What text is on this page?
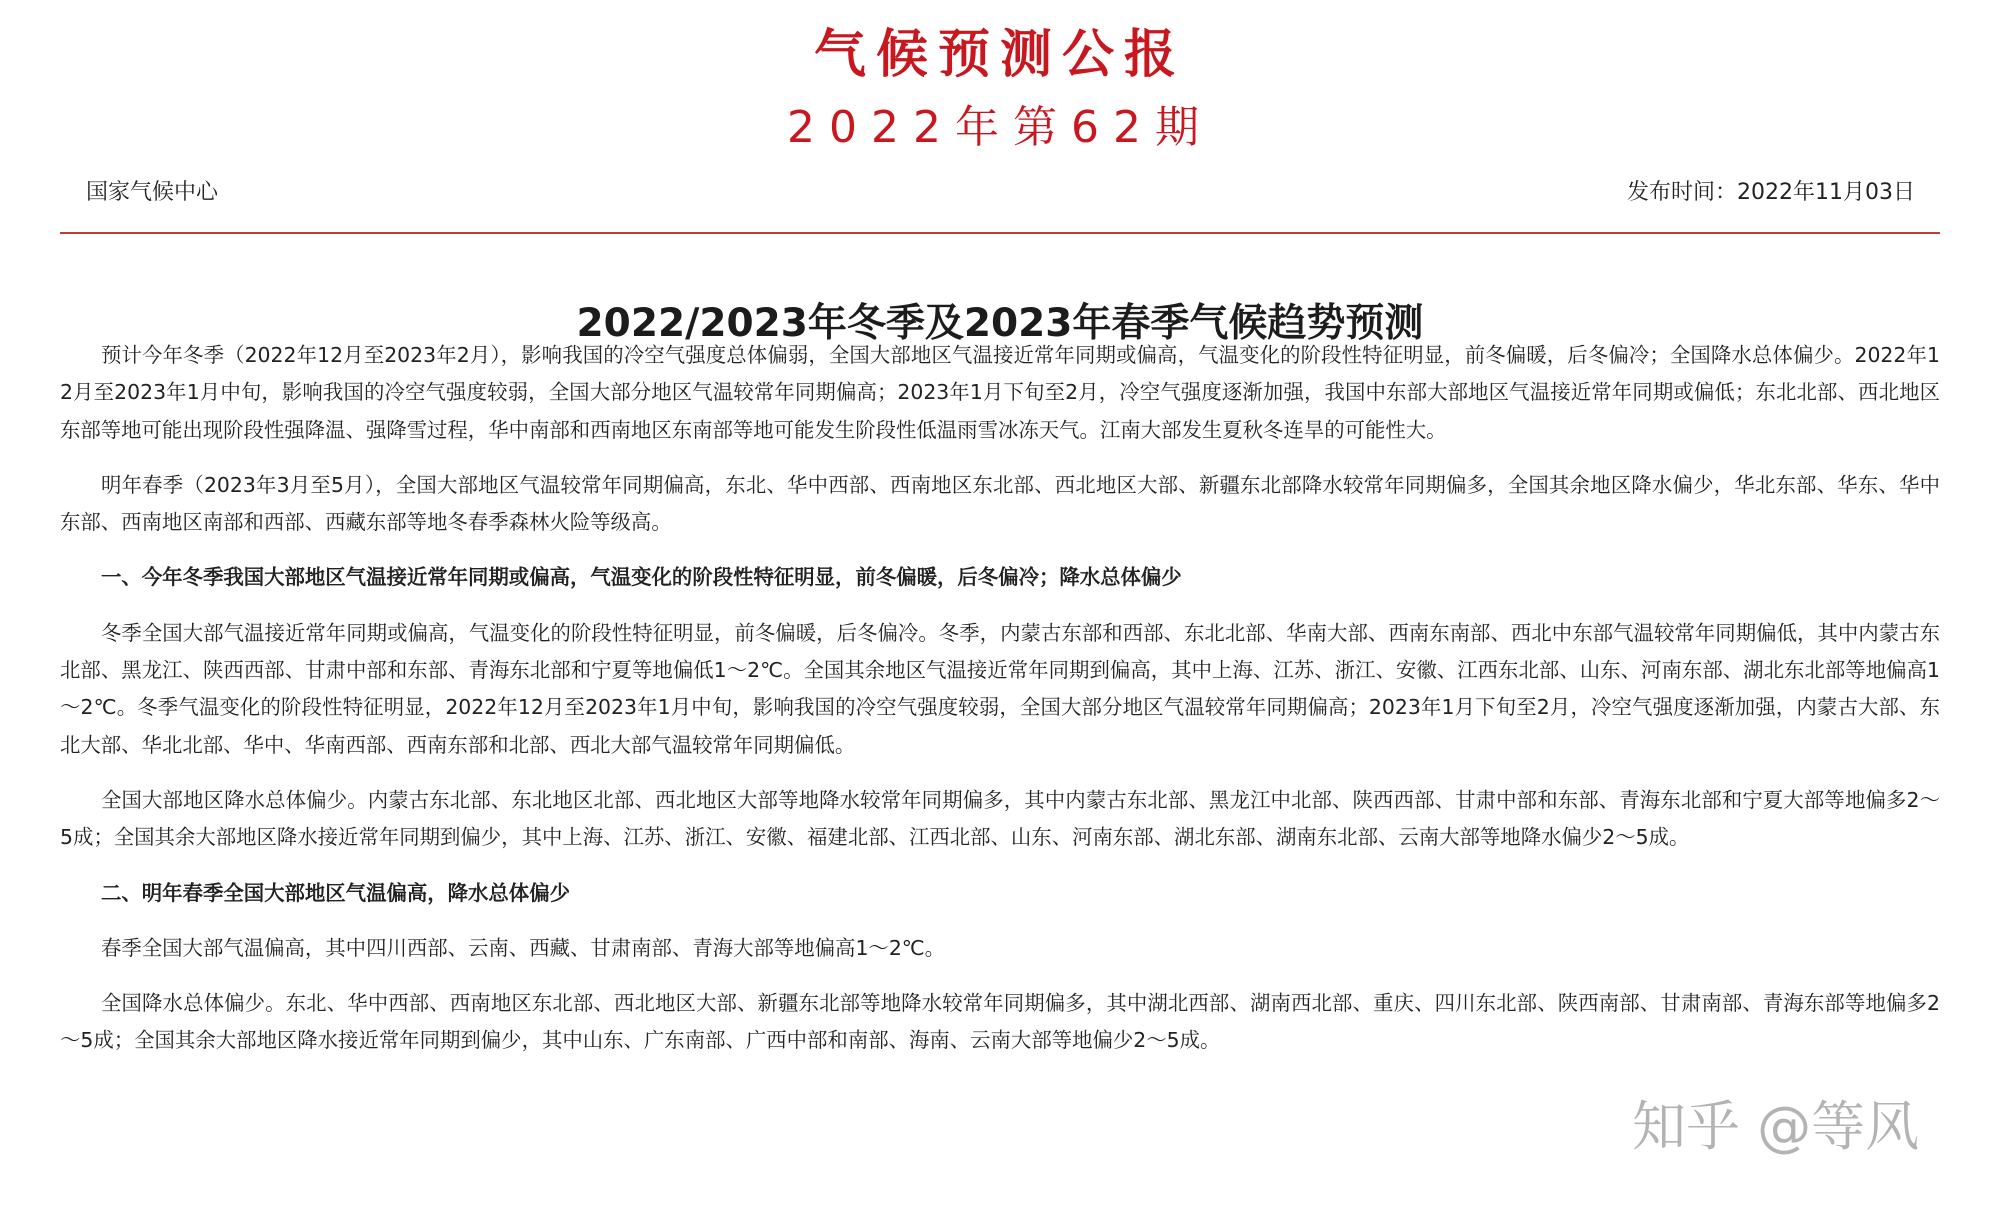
气候预测公报
2022年第62期
国家气候中心	发布时间：2022年11月03日
2022/2023年冬季及2023年春季气候趋势预测

预计今年冬季（2022年12月至2023年2月），影响我国的冷空气强度总体偏弱，全国大部地区气温接近常年同期或偏高，气温变化的阶段性特征明显，前冬偏暖，后冬偏冷；全国降水总体偏少。2022年12月至2023年1月中旬，影响我国的冷空气强度较弱，全国大部分地区气温较常年同期偏高；2023年1月下旬至2月，冷空气强度逐渐加强，我国中东部大部地区气温接近常年同期或偏低；东北北部、西北地区东部等地可能出现阶段性强降温、强降雪过程，华中南部和西南地区东南部等地可能发生阶段性低温雨雪冰冻天气。江南大部发生夏秋冬连旱的可能性大。

明年春季（2023年3月至5月），全国大部地区气温较常年同期偏高，东北、华中西部、西南地区东北部、西北地区大部、新疆东北部降水较常年同期偏多，全国其余地区降水偏少，华北东部、华东、华中东部、西南地区南部和西部、西藏东部等地冬春季森林火险等级高。

一、今年冬季我国大部地区气温接近常年同期或偏高，气温变化的阶段性特征明显，前冬偏暖，后冬偏冷；降水总体偏少

冬季全国大部气温接近常年同期或偏高，气温变化的阶段性特征明显，前冬偏暖，后冬偏冷。冬季，内蒙古东部和西部、东北北部、华南大部、西南东南部、西北中东部气温较常年同期偏低，其中内蒙古东北部、黑龙江、陕西西部、甘肃中部和东部、青海东北部和宁夏等地偏低1～2℃。全国其余地区气温接近常年同期到偏高，其中上海、江苏、浙江、安徽、江西东北部、山东、河南东部、湖北东北部等地偏高1～2℃。冬季气温变化的阶段性特征明显，2022年12月至2023年1月中旬，影响我国的冷空气强度较弱，全国大部分地区气温较常年同期偏高；2023年1月下旬至2月，冷空气强度逐渐加强，内蒙古大部、东北大部、华北北部、华中、华南西部、西南东部和北部、西北大部气温较常年同期偏低。

全国大部地区降水总体偏少。内蒙古东北部、东北地区北部、西北地区大部等地降水较常年同期偏多，其中内蒙古东北部、黑龙江中北部、陕西西部、甘肃中部和东部、青海东北部和宁夏大部等地偏多2～5成；全国其余大部地区降水接近常年同期到偏少，其中上海、江苏、浙江、安徽、福建北部、江西北部、山东、河南东部、湖北东部、湖南东北部、云南大部等地降水偏少2～5成。

二、明年春季全国大部地区气温偏高，降水总体偏少

春季全国大部气温偏高，其中四川西部、云南、西藏、甘肃南部、青海大部等地偏高1～2℃。

全国降水总体偏少。东北、华中西部、西南地区东北部、西北地区大部、新疆东北部等地降水较常年同期偏多，其中湖北西部、湖南西北部、重庆、四川东北部、陕西南部、甘肃南部、青海东部等地偏多2～5成；全国其余大部地区降水接近常年同期到偏少，其中山东、广东南部、广西中部和南部、海南、云南大部等地偏少2～5成。

知乎 @等风
